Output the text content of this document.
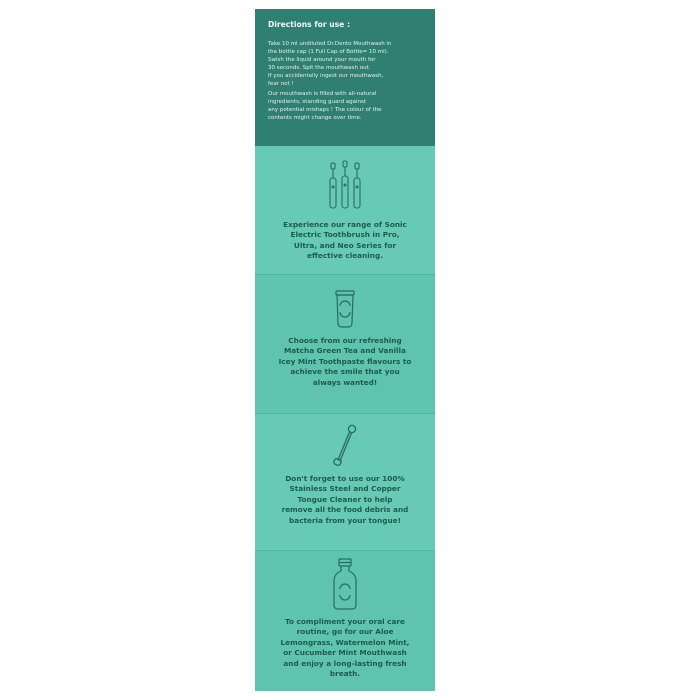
Directions for use :

Take 10 ml undiluted Dr.Dento Mouthwash in
the bottle cap (1 Full Cap of Bottle= 10 ml).
Swish the liquid around your mouth for
30 seconds. Spit the mouthwash out.
If you accidentally ingest our mouthwash,
fear not !

Our mouthwash is filled with all-natural
ingredients, standing guard against
any potential mishaps ! The colour of the
contents might change over time.

Experience our range of Sonic
Electric Toothbrush in Pro,
Ultra, and Neo Series for
effective cleaning.
Choose from our refreshing
Matcha Green Tea and Vanilla
Icey Mint Toothpaste flavours to
achieve the smile that you
always wanted!
Don't forget to use our 100%
Stainless Steel and Copper
Tongue Cleaner to help
remove all the food debris and
bacteria from your tongue!
To compliment your oral care
routine, go for our Aloe
Lemongrass, Watermelon Mint,
or Cucumber Mint Mouthwash
and enjoy a long-lasting fresh
breath.
